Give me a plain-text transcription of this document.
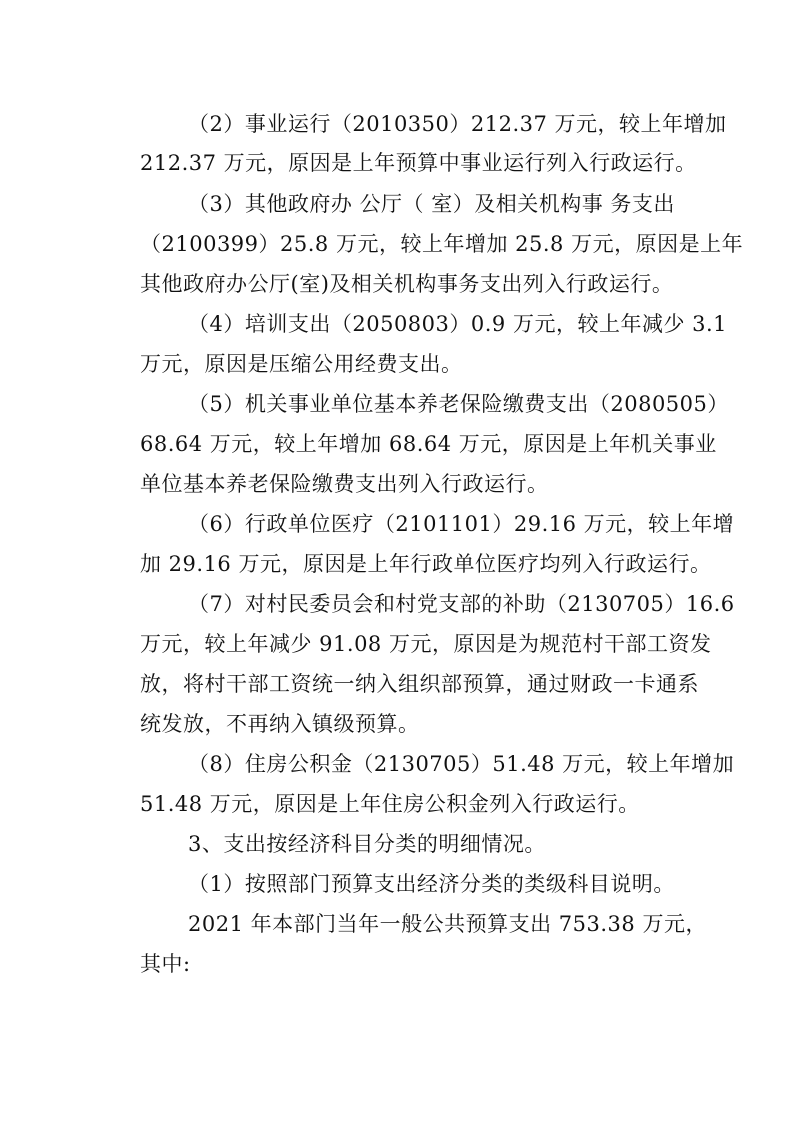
（2）事业运行（2010350）212.37 万元，较上年增加
212.37 万元，原因是上年预算中事业运行列入行政运行。
（3）其他政府办 公厅（ 室）及相关机构事 务支出
（2100399）25.8 万元，较上年增加 25.8 万元，原因是上年
其他政府办公厅(室)及相关机构事务支出列入行政运行。
（4）培训支出（2050803）0.9 万元，较上年减少 3.1
万元，原因是压缩公用经费支出。
（5）机关事业单位基本养老保险缴费支出（2080505）
68.64 万元，较上年增加 68.64 万元，原因是上年机关事业
单位基本养老保险缴费支出列入行政运行。
（6）行政单位医疗（2101101）29.16 万元，较上年增
加 29.16 万元，原因是上年行政单位医疗均列入行政运行。
（7）对村民委员会和村党支部的补助（2130705）16.6
万元，较上年减少 91.08 万元，原因是为规范村干部工资发
放，将村干部工资统一纳入组织部预算，通过财政一卡通系
统发放，不再纳入镇级预算。
（8）住房公积金（2130705）51.48 万元，较上年增加
51.48 万元，原因是上年住房公积金列入行政运行。
3、支出按经济科目分类的明细情况。
（1）按照部门预算支出经济分类的类级科目说明。
2021 年本部门当年一般公共预算支出 753.38 万元，
其中:
